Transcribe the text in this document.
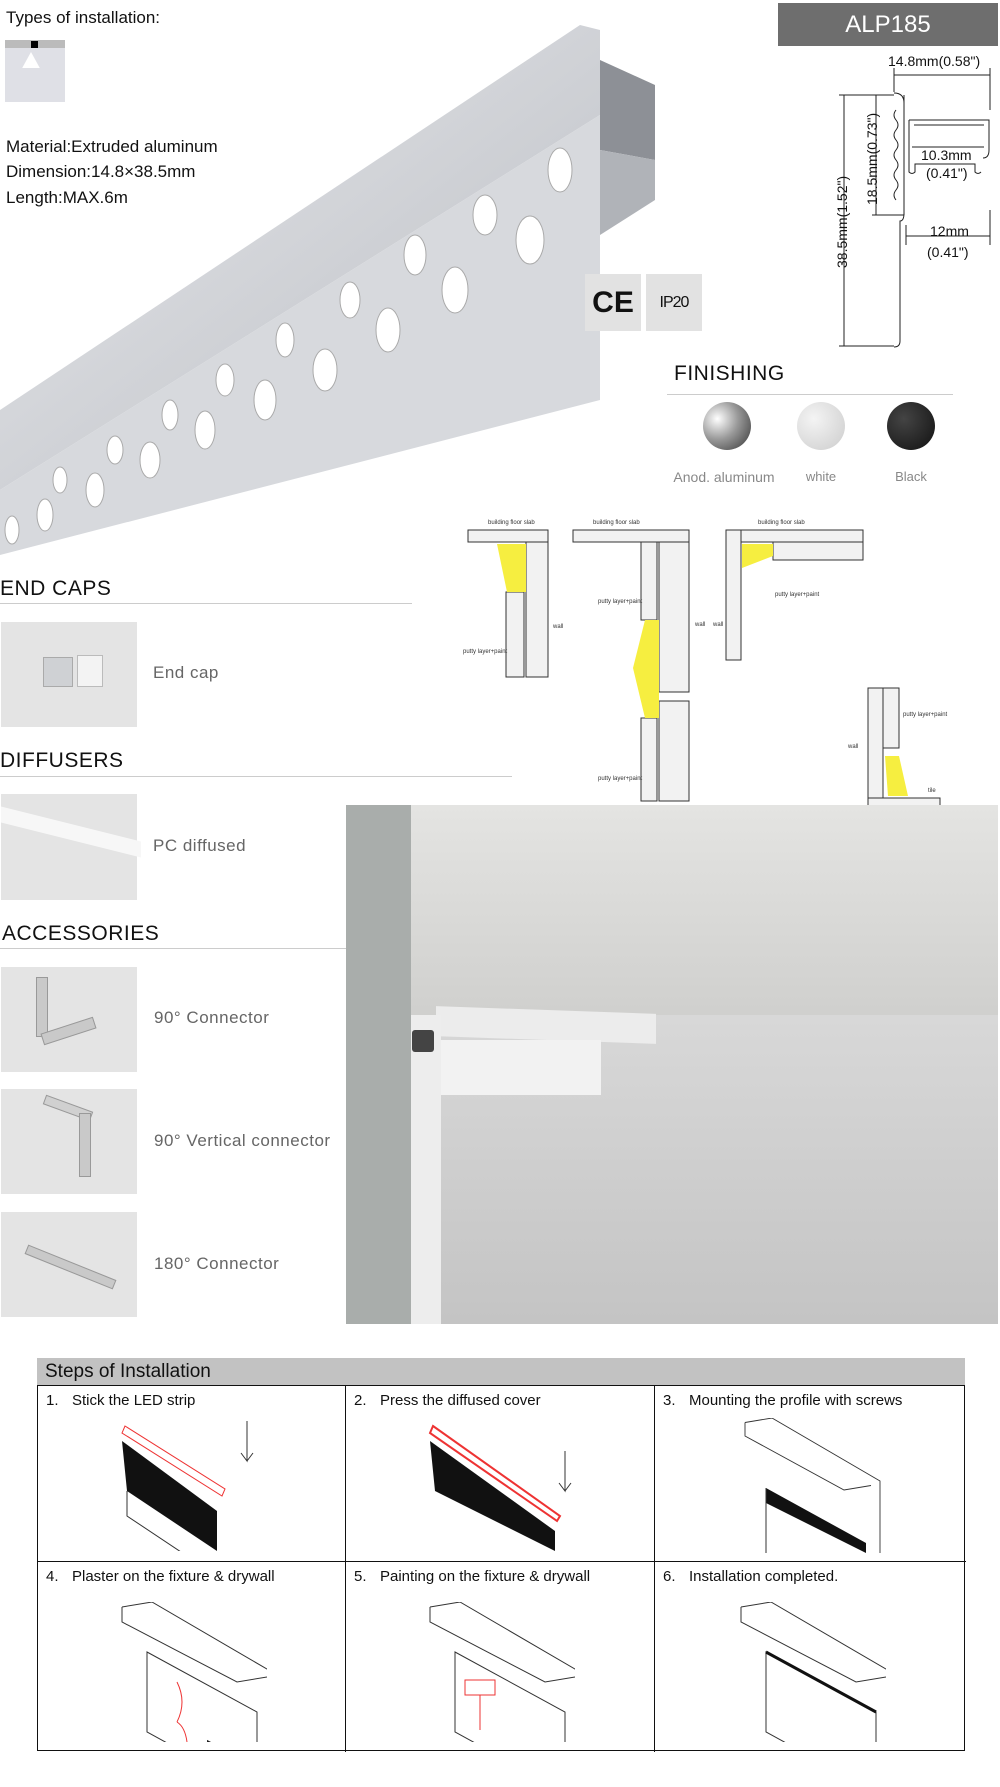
Types of installation:
Material:Extruded aluminum
Dimension:14.8×38.5mm
Length:MAX.6m
CE	IP20
ALP185
14.8mm(0.58")
10.3mm
(0.41")
12mm
(0.41")
38.5mm(1.52")
18.5mm(0.73")
FINISHING
Anod. aluminum	white	Black
building floor slab	building floor slab	building floor slab
putty layer+paint
putty layer+paint
putty layer+paint
putty layer+paint
putty layer+paint
wall	wall wall
wall
tile
END CAPS
End cap
DIFFUSERS
PC diffused
ACCESSORIES
90° Connector
90° Vertical connector
180° Connector
Steps of Installation
1. Stick the LED strip	2. Press the diffused cover	3. Mounting the profile with screws
4. Plaster on the fixture & drywall	5. Painting on the fixture & drywall	6. Installation completed.
